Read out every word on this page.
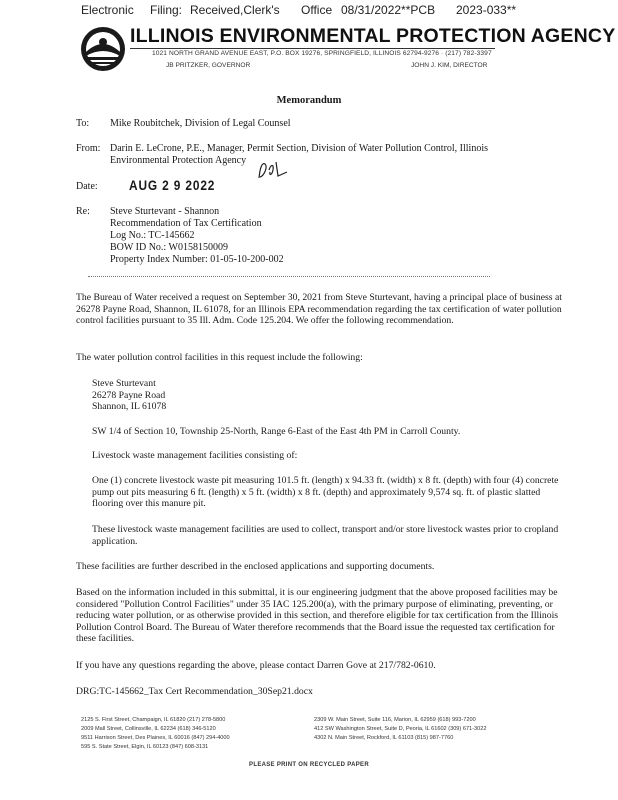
Electronic Filing: Received,Clerk's Office 08/31/2022**PCB 2023-033**
ILLINOIS ENVIRONMENTAL PROTECTION AGENCY
1021 NORTH GRAND AVENUE EAST, P.O. BOX 19276, SPRINGFIELD, ILLINOIS 62794-9276 · (217) 782-3397
JB PRITZKER, GOVERNOR	JOHN J. KIM, DIRECTOR
Memorandum
To: Mike Roubitchek, Division of Legal Counsel
From: Darin E. LeCrone, P.E., Manager, Permit Section, Division of Water Pollution Control, Illinois
Environmental Protection Agency
Date: AUG 2 9 2022
Re: Steve Sturtevant - Shannon
Recommendation of Tax Certification
Log No.: TC-145662
BOW ID No.: W0158150009
Property Index Number: 01-05-10-200-002
The Bureau of Water received a request on September 30, 2021 from Steve Sturtevant, having a principal place of business at 26278 Payne Road, Shannon, IL 61078, for an Illinois EPA recommendation regarding the tax certification of water pollution control facilities pursuant to 35 Ill. Adm. Code 125.204. We offer the following recommendation.
The water pollution control facilities in this request include the following:
Steve Sturtevant
26278 Payne Road
Shannon, IL 61078
SW 1/4 of Section 10, Township 25-North, Range 6-East of the East 4th PM in Carroll County.
Livestock waste management facilities consisting of:
One (1) concrete livestock waste pit measuring 101.5 ft. (length) x 94.33 ft. (width) x 8 ft. (depth) with four (4) concrete pump out pits measuring 6 ft. (length) x 5 ft. (width) x 8 ft. (depth) and approximately 9,574 sq. ft. of plastic slatted flooring over this manure pit.
These livestock waste management facilities are used to collect, transport and/or store livestock wastes prior to cropland application.
These facilities are further described in the enclosed applications and supporting documents.
Based on the information included in this submittal, it is our engineering judgment that the above proposed facilities may be considered "Pollution Control Facilities" under 35 IAC 125.200(a), with the primary purpose of eliminating, preventing, or reducing water pollution, or as otherwise provided in this section, and therefore eligible for tax certification from the Illinois Pollution Control Board. The Bureau of Water therefore recommends that the Board issue the requested tax certification for these facilities.
If you have any questions regarding the above, please contact Darren Gove at 217/782-0610.
DRG:TC-145662_Tax Cert Recommendation_30Sep21.docx
2125 S. First Street, Champaign, IL 61820 (217) 278-5800
2009 Mall Street, Collinsville, IL 62234 (618) 346-5120
9511 Harrison Street, Des Plaines, IL 60016 (847) 294-4000
595 S. State Street, Elgin, IL 60123 (847) 608-3131
2309 W. Main Street, Suite 116, Marion, IL 62959 (618) 993-7200
412 SW Washington Street, Suite D, Peoria, IL 61602 (309) 671-3022
4302 N. Main Street, Rockford, IL 61103 (815) 987-7760
PLEASE PRINT ON RECYCLED PAPER
